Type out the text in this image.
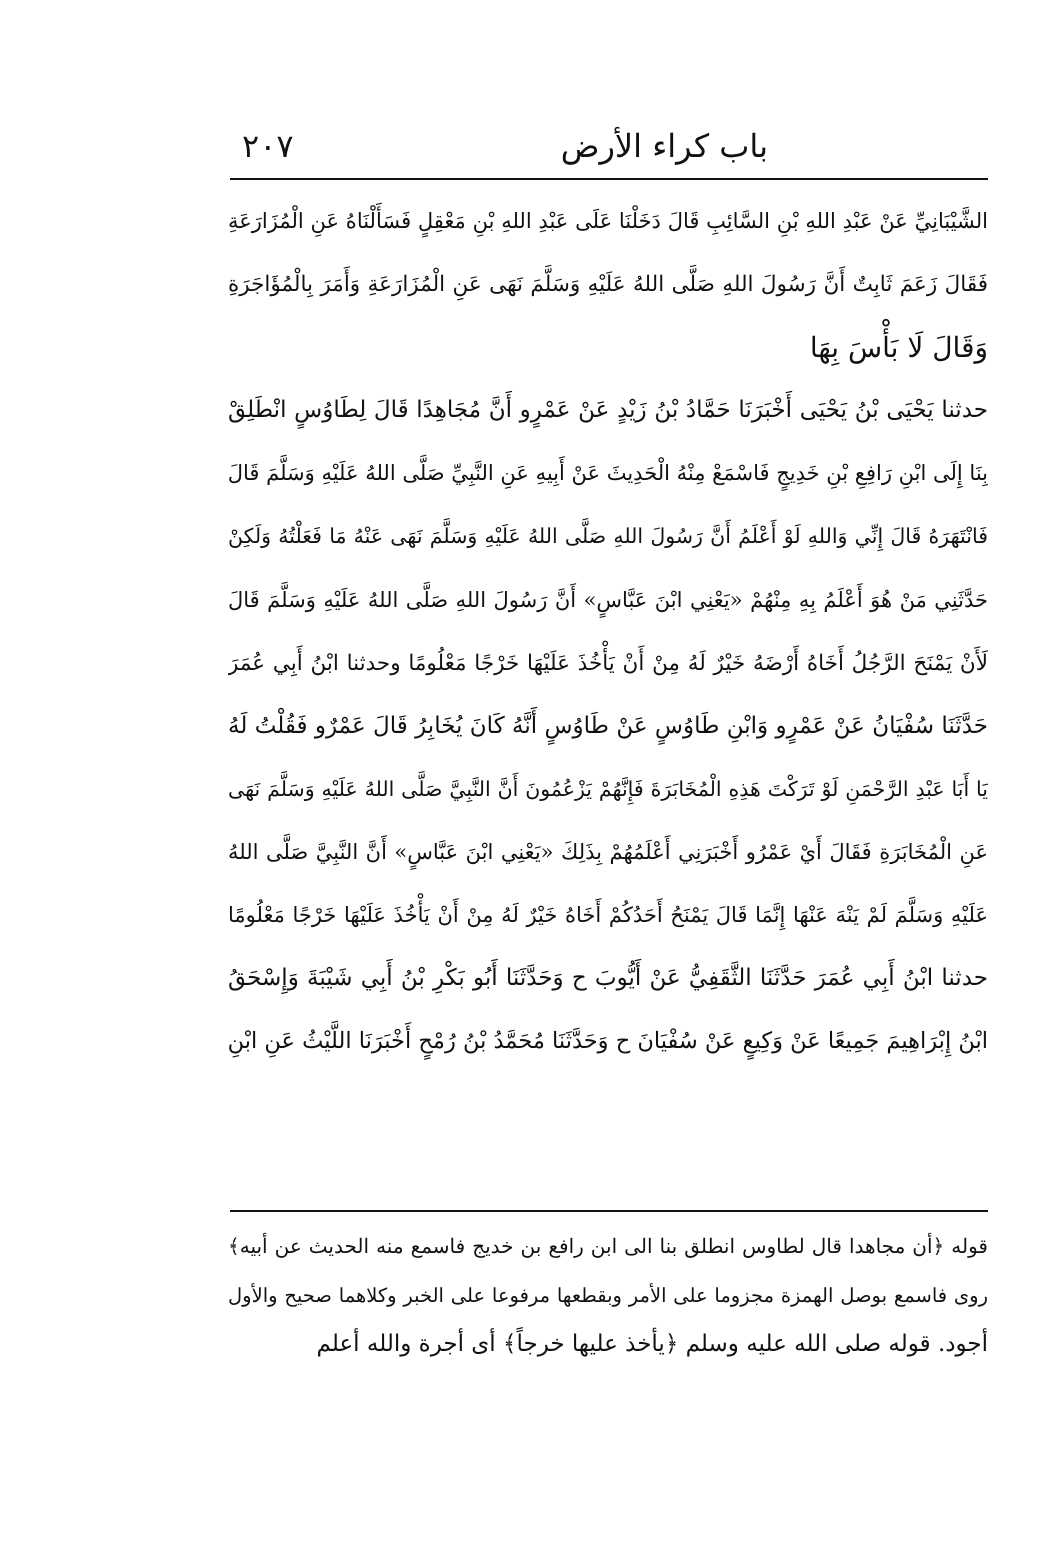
باب كراء الأرض
٢٠٧
الشَّيْبَانِيِّ عَنْ عَبْدِ اللهِ بْنِ السَّائِبِ قَالَ دَخَلْنَا عَلَى عَبْدِ اللهِ بْنِ مَعْقِلٍ فَسَأَلْنَاهُ عَنِ الْمُزَارَعَةِ
فَقَالَ زَعَمَ ثَابِتٌ أَنَّ رَسُولَ اللهِ صَلَّى اللهُ عَلَيْهِ وَسَلَّمَ نَهَى عَنِ الْمُزَارَعَةِ وَأَمَرَ بِالْمُؤَاجَرَةِ
وَقَالَ لَا بَأْسَ بِهَا
حدثنا يَحْيَى بْنُ يَحْيَى أَخْبَرَنَا حَمَّادُ بْنُ زَيْدٍ عَنْ عَمْرٍو أَنَّ مُجَاهِدًا قَالَ لِطَاوُسٍ انْطَلِقْ
بِنَا إِلَى ابْنِ رَافِعِ بْنِ خَدِيجٍ فَاسْمَعْ مِنْهُ الْحَدِيثَ عَنْ أَبِيهِ عَنِ النَّبِيِّ صَلَّى اللهُ عَلَيْهِ وَسَلَّمَ قَالَ
فَانْتَهَرَهُ قَالَ إِنِّي وَاللهِ لَوْ أَعْلَمُ أَنَّ رَسُولَ اللهِ صَلَّى اللهُ عَلَيْهِ وَسَلَّمَ نَهَى عَنْهُ مَا فَعَلْتُهُ وَلَكِنْ
حَدَّثَنِي مَنْ هُوَ أَعْلَمُ بِهِ مِنْهُمْ «يَعْنِي ابْنَ عَبَّاسٍ» أَنَّ رَسُولَ اللهِ صَلَّى اللهُ عَلَيْهِ وَسَلَّمَ قَالَ
لَأَنْ يَمْنَحَ الرَّجُلُ أَخَاهُ أَرْضَهُ خَيْرٌ لَهُ مِنْ أَنْ يَأْخُذَ عَلَيْهَا خَرْجًا مَعْلُومًا وحدثنا ابْنُ أَبِي عُمَرَ
حَدَّثَنَا سُفْيَانُ عَنْ عَمْرٍو وَابْنِ طَاوُسٍ عَنْ طَاوُسٍ أَنَّهُ كَانَ يُخَابِرُ قَالَ عَمْرٌو فَقُلْتُ لَهُ
يَا أَبَا عَبْدِ الرَّحْمَنِ لَوْ تَرَكْتَ هَذِهِ الْمُخَابَرَةَ فَإِنَّهُمْ يَزْعُمُونَ أَنَّ النَّبِيَّ صَلَّى اللهُ عَلَيْهِ وَسَلَّمَ نَهَى
عَنِ الْمُخَابَرَةِ فَقَالَ أَيْ عَمْرُو أَخْبَرَنِي أَعْلَمُهُمْ بِذَلِكَ «يَعْنِي ابْنَ عَبَّاسٍ» أَنَّ النَّبِيَّ صَلَّى اللهُ
عَلَيْهِ وَسَلَّمَ لَمْ يَنْهَ عَنْهَا إِنَّمَا قَالَ يَمْنَحُ أَحَدُكُمْ أَخَاهُ خَيْرٌ لَهُ مِنْ أَنْ يَأْخُذَ عَلَيْهَا خَرْجًا مَعْلُومًا
حدثنا ابْنُ أَبِي عُمَرَ حَدَّثَنَا الثَّقَفِيُّ عَنْ أَيُّوبَ ح وَحَدَّثَنَا أَبُو بَكْرِ بْنُ أَبِي شَيْبَةَ وَإِسْحَقُ
ابْنُ إِبْرَاهِيمَ جَمِيعًا عَنْ وَكِيعٍ عَنْ سُفْيَانَ ح وَحَدَّثَنَا مُحَمَّدُ بْنُ رُمْحٍ أَخْبَرَنَا اللَّيْثُ عَنِ ابْنِ
قوله ﴿أن مجاهدا قال لطاوس انطلق بنا الى ابن رافع بن خديج فاسمع منه الحديث عن أبيه﴾
روى فاسمع بوصل الهمزة مجزوما على الأمر وبقطعها مرفوعا على الخبر وكلاهما صحيح والأول
أجود. قوله صلى الله عليه وسلم ﴿يأخذ عليها خرجاً﴾ أى أجرة والله أعلم
